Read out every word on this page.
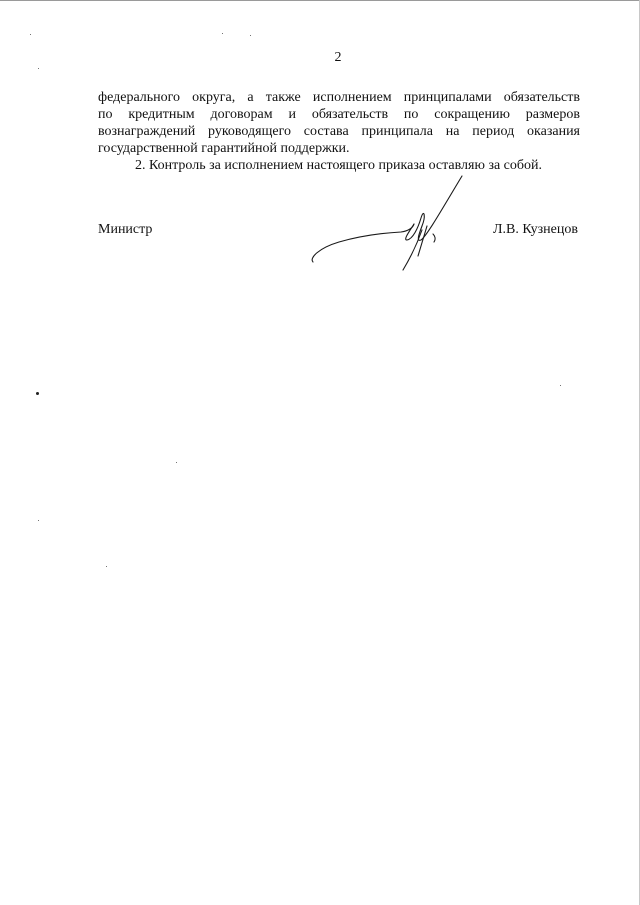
2

федерального округа, а также исполнением принципалами обязательств
по кредитным договорам и обязательств по сокращению размеров
вознаграждений руководящего состава принципала на период оказания
государственной гарантийной поддержки.

2. Контроль за исполнением настоящего приказа оставляю за собой.

Министр	Л.В. Кузнецов
